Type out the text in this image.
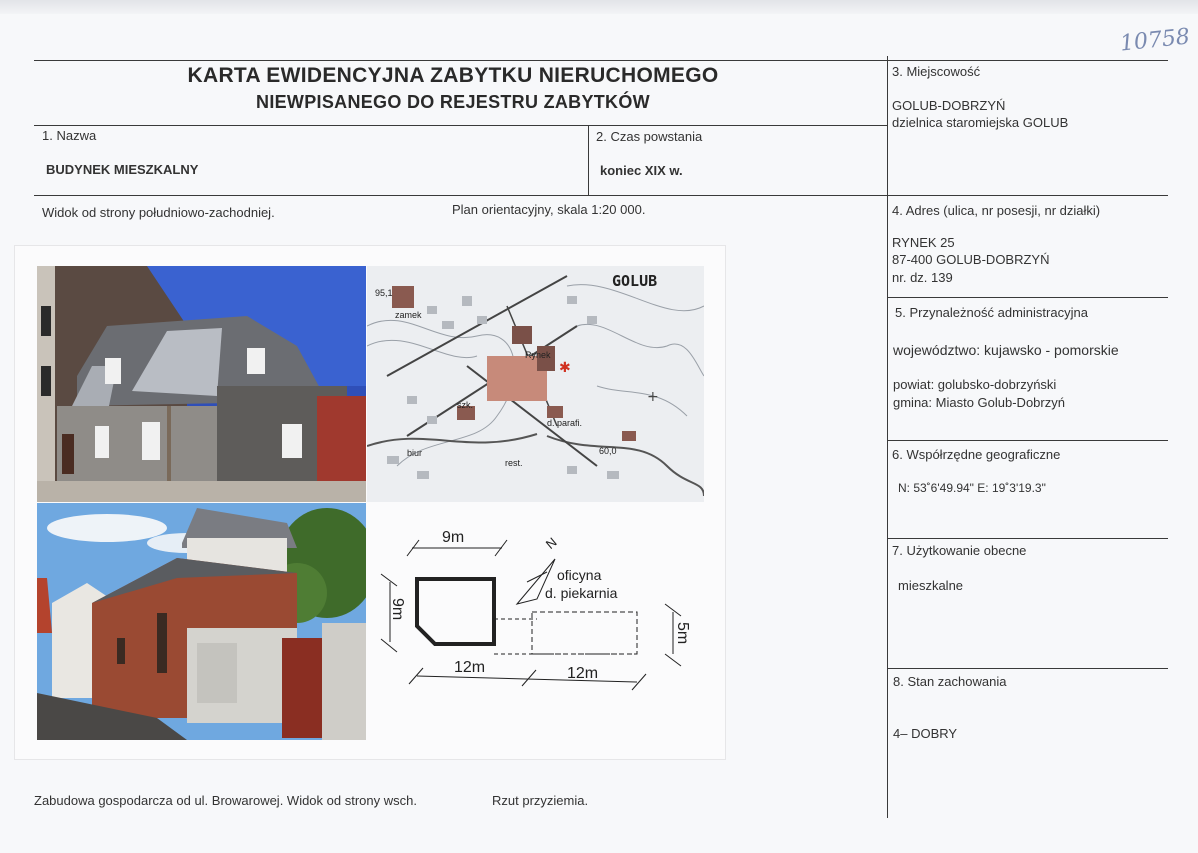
10758
KARTA EWIDENCYJNA ZABYTKU NIERUCHOMEGO
NIEWPISANEGO DO REJESTRU ZABYTKÓW
1. Nazwa
BUDYNEK MIESZKALNY
2. Czas powstania
koniec XIX w.
3. Miejscowość
GOLUB-DOBRZYŃ
dzielnica staromiejska GOLUB
4. Adres (ulica, nr posesji, nr działki)
RYNEK 25
87-400 GOLUB-DOBRZYŃ
nr. dz. 139
5. Przynależność administracyjna
województwo: kujawsko - pomorskie
powiat: golubsko-dobrzyński
gmina: Miasto Golub-Dobrzyń
6. Współrzędne geograficzne
N: 53˚6'49.94" E: 19˚3'19.3"
7. Użytkowanie obecne
mieszkalne
8. Stan zachowania
4– DOBRY
Widok od strony południowo-zachodniej.	Plan orientacyjny, skala 1:20 000.
Zabudowa gospodarcza od ul. Browarowej. Widok od strony wsch.	Rzut przyziemia.
✱
+
GOLUB
zamek
95,1
Rynek
szk.
biur
rest.
60,0
d. parafi.
9m
9m
5m
12m	12m
N
oficyna
d. piekarnia
